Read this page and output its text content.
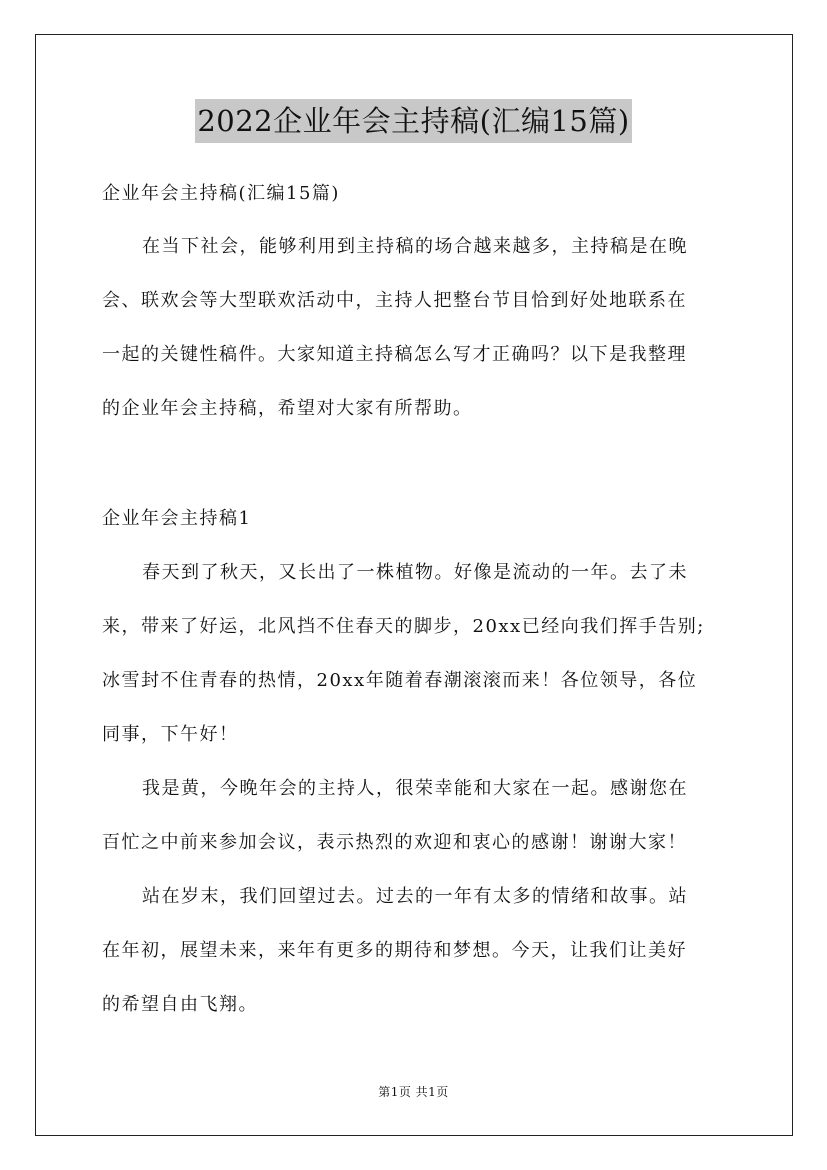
2022企业年会主持稿(汇编15篇)
企业年会主持稿(汇编15篇)
在当下社会，能够利用到主持稿的场合越来越多，主持稿是在晚
会、联欢会等大型联欢活动中，主持人把整台节目恰到好处地联系在
一起的关键性稿件。大家知道主持稿怎么写才正确吗？以下是我整理
的企业年会主持稿，希望对大家有所帮助。
企业年会主持稿1
春天到了秋天，又长出了一株植物。好像是流动的一年。去了未
来，带来了好运，北风挡不住春天的脚步，20xx已经向我们挥手告别;
冰雪封不住青春的热情，20xx年随着春潮滚滚而来！各位领导，各位
同事，下午好！
我是黄，今晚年会的主持人，很荣幸能和大家在一起。感谢您在
百忙之中前来参加会议，表示热烈的欢迎和衷心的感谢！谢谢大家！
站在岁末，我们回望过去。过去的一年有太多的情绪和故事。站
在年初，展望未来，来年有更多的期待和梦想。今天，让我们让美好
的希望自由飞翔。
第1页 共1页
